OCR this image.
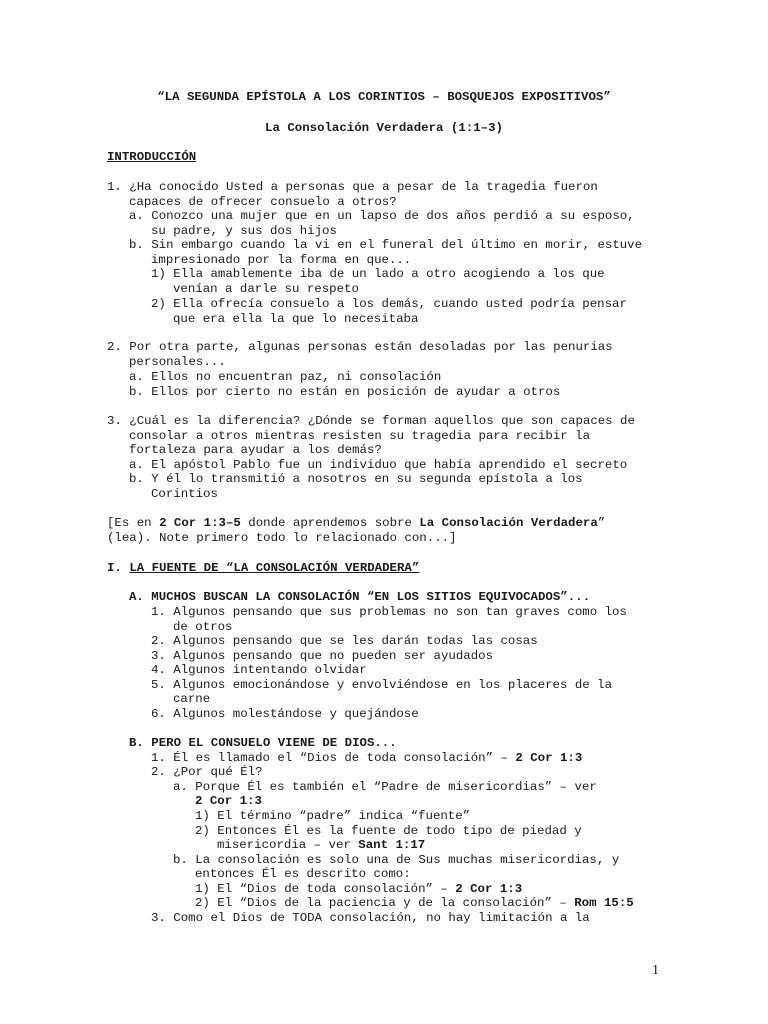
“LA SEGUNDA EPÍSTOLA A LOS CORINTIOS – BOSQUEJOS EXPOSITIVOS”
La Consolación Verdadera (1:1–3)
INTRODUCCIÓN
1. ¿Ha conocido Usted a personas que a pesar de la tragedia fueron
capaces de ofrecer consuelo a otros?
a. Conozco una mujer que en un lapso de dos años perdió a su esposo,
su padre, y sus dos hijos
b. Sin embargo cuando la vi en el funeral del último en morir, estuve
impresionado por la forma en que...
1) Ella amablemente iba de un lado a otro acogiendo a los que
venían a darle su respeto
2) Ella ofrecía consuelo a los demás, cuando usted podría pensar
que era ella la que lo necesitaba
2. Por otra parte, algunas personas están desoladas por las penurias
personales...
a. Ellos no encuentran paz, ni consolación
b. Ellos por cierto no están en posición de ayudar a otros
3. ¿Cuál es la diferencia? ¿Dónde se forman aquellos que son capaces de
consolar a otros mientras resisten su tragedia para recibir la
fortaleza para ayudar a los demás?
a. El apóstol Pablo fue un individuo que había aprendido el secreto
b. Y él lo transmitió a nosotros en su segunda epístola a los
Corintios
[Es en 2 Cor 1:3–5 donde aprendemos sobre La Consolación Verdadera”
(lea). Note primero todo lo relacionado con...]
I. LA FUENTE DE “LA CONSOLACIÓN VERDADERA”
A. MUCHOS BUSCAN LA CONSOLACIÓN “EN LOS SITIOS EQUIVOCADOS”...
1. Algunos pensando que sus problemas no son tan graves como los
de otros
2. Algunos pensando que se les darán todas las cosas
3. Algunos pensando que no pueden ser ayudados
4. Algunos intentando olvidar
5. Algunos emocionándose y envolviéndose en los placeres de la
carne
6. Algunos molestándose y quejándose
B. PERO EL CONSUELO VIENE DE DIOS...
1. Él es llamado el “Dios de toda consolación” – 2 Cor 1:3
2. ¿Por qué Él?
a. Porque Él es también el “Padre de misericordias” – ver
2 Cor 1:3
1) El término “padre” indica “fuente”
2) Entonces Él es la fuente de todo tipo de piedad y
misericordia – ver Sant 1:17
b. La consolación es solo una de Sus muchas misericordias, y
entonces Él es descrito como:
1) El “Dios de toda consolación” – 2 Cor 1:3
2) El “Dios de la paciencia y de la consolación” – Rom 15:5
3. Como el Dios de TODA consolación, no hay limitación a la
1
